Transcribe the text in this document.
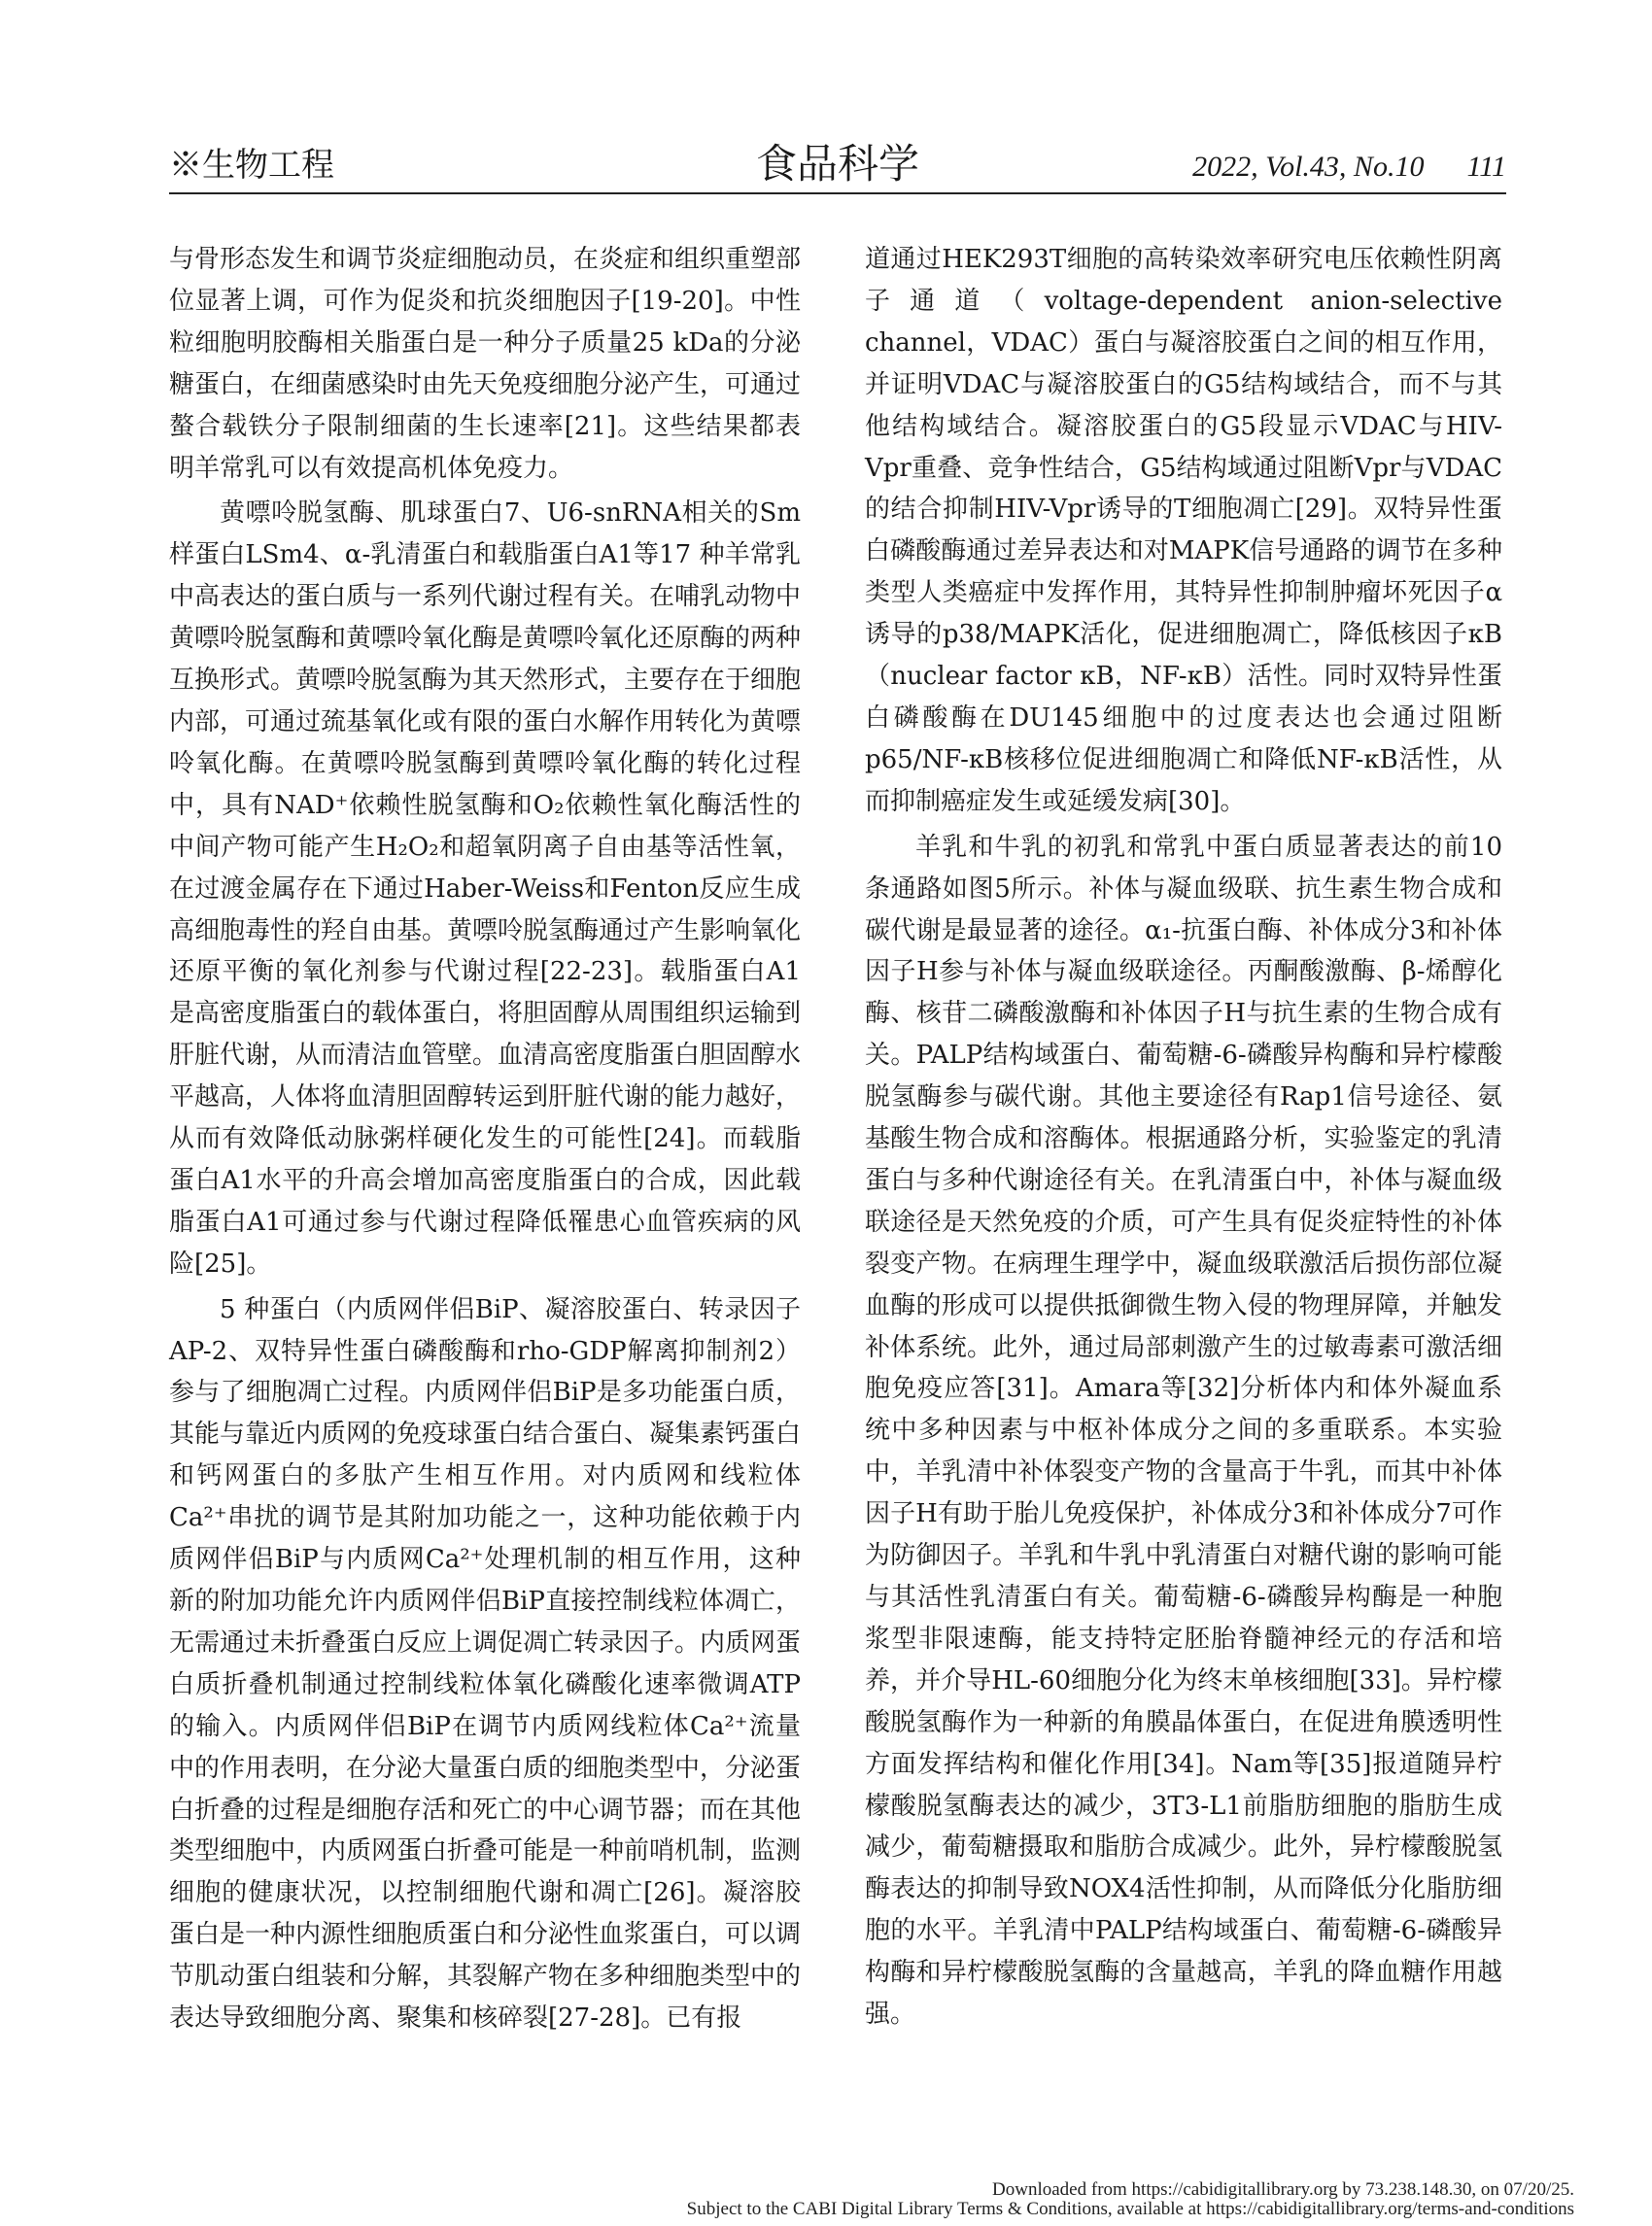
※生物工程	食品科学	2022, Vol.43, No.10 111

与骨形态发生和调节炎症细胞动员，在炎症和组织重塑部位显著上调，可作为促炎和抗炎细胞因子[19-20]。中性粒细胞明胶酶相关脂蛋白是一种分子质量25 kDa的分泌糖蛋白，在细菌感染时由先天免疫细胞分泌产生，可通过螯合载铁分子限制细菌的生长速率[21]。这些结果都表明羊常乳可以有效提高机体免疫力。

黄嘌呤脱氢酶、肌球蛋白7、U6-snRNA相关的Sm样蛋白LSm4、α-乳清蛋白和载脂蛋白A1等17 种羊常乳中高表达的蛋白质与一系列代谢过程有关。在哺乳动物中黄嘌呤脱氢酶和黄嘌呤氧化酶是黄嘌呤氧化还原酶的两种互换形式。黄嘌呤脱氢酶为其天然形式，主要存在于细胞内部，可通过巯基氧化或有限的蛋白水解作用转化为黄嘌呤氧化酶。在黄嘌呤脱氢酶到黄嘌呤氧化酶的转化过程中，具有NAD⁺依赖性脱氢酶和O₂依赖性氧化酶活性的中间产物可能产生H₂O₂和超氧阴离子自由基等活性氧，在过渡金属存在下通过Haber-Weiss和Fenton反应生成高细胞毒性的羟自由基。黄嘌呤脱氢酶通过产生影响氧化还原平衡的氧化剂参与代谢过程[22-23]。载脂蛋白A1是高密度脂蛋白的载体蛋白，将胆固醇从周围组织运输到肝脏代谢，从而清洁血管壁。血清高密度脂蛋白胆固醇水平越高，人体将血清胆固醇转运到肝脏代谢的能力越好，从而有效降低动脉粥样硬化发生的可能性[24]。而载脂蛋白A1水平的升高会增加高密度脂蛋白的合成，因此载脂蛋白A1可通过参与代谢过程降低罹患心血管疾病的风险[25]。

5 种蛋白（内质网伴侣BiP、凝溶胶蛋白、转录因子AP-2、双特异性蛋白磷酸酶和rho-GDP解离抑制剂2）参与了细胞凋亡过程。内质网伴侣BiP是多功能蛋白质，其能与靠近内质网的免疫球蛋白结合蛋白、凝集素钙蛋白和钙网蛋白的多肽产生相互作用。对内质网和线粒体Ca²⁺串扰的调节是其附加功能之一，这种功能依赖于内质网伴侣BiP与内质网Ca²⁺处理机制的相互作用，这种新的附加功能允许内质网伴侣BiP直接控制线粒体凋亡，无需通过未折叠蛋白反应上调促凋亡转录因子。内质网蛋白质折叠机制通过控制线粒体氧化磷酸化速率微调ATP的输入。内质网伴侣BiP在调节内质网线粒体Ca²⁺流量中的作用表明，在分泌大量蛋白质的细胞类型中，分泌蛋白折叠的过程是细胞存活和死亡的中心调节器；而在其他类型细胞中，内质网蛋白折叠可能是一种前哨机制，监测细胞的健康状况，以控制细胞代谢和凋亡[26]。凝溶胶蛋白是一种内源性细胞质蛋白和分泌性血浆蛋白，可以调节肌动蛋白组装和分解，其裂解产物在多种细胞类型中的表达导致细胞分离、聚集和核碎裂[27-28]。已有报

道通过HEK293T细胞的高转染效率研究电压依赖性阴离子通道（voltage-dependent anion-selective channel，VDAC）蛋白与凝溶胶蛋白之间的相互作用，并证明VDAC与凝溶胶蛋白的G5结构域结合，而不与其他结构域结合。凝溶胶蛋白的G5段显示VDAC与HIV-Vpr重叠、竞争性结合，G5结构域通过阻断Vpr与VDAC的结合抑制HIV-Vpr诱导的T细胞凋亡[29]。双特异性蛋白磷酸酶通过差异表达和对MAPK信号通路的调节在多种类型人类癌症中发挥作用，其特异性抑制肿瘤坏死因子α诱导的p38/MAPK活化，促进细胞凋亡，降低核因子κB（nuclear factor κB，NF-κB）活性。同时双特异性蛋白磷酸酶在DU145细胞中的过度表达也会通过阻断p65/NF-κB核移位促进细胞凋亡和降低NF-κB活性，从而抑制癌症发生或延缓发病[30]。

羊乳和牛乳的初乳和常乳中蛋白质显著表达的前10 条通路如图5所示。补体与凝血级联、抗生素生物合成和碳代谢是最显著的途径。α₁-抗蛋白酶、补体成分3和补体因子H参与补体与凝血级联途径。丙酮酸激酶、β-烯醇化酶、核苷二磷酸激酶和补体因子H与抗生素的生物合成有关。PALP结构域蛋白、葡萄糖-6-磷酸异构酶和异柠檬酸脱氢酶参与碳代谢。其他主要途径有Rap1信号途径、氨基酸生物合成和溶酶体。根据通路分析，实验鉴定的乳清蛋白与多种代谢途径有关。在乳清蛋白中，补体与凝血级联途径是天然免疫的介质，可产生具有促炎症特性的补体裂变产物。在病理生理学中，凝血级联激活后损伤部位凝血酶的形成可以提供抵御微生物入侵的物理屏障，并触发补体系统。此外，通过局部刺激产生的过敏毒素可激活细胞免疫应答[31]。Amara等[32]分析体内和体外凝血系统中多种因素与中枢补体成分之间的多重联系。本实验中，羊乳清中补体裂变产物的含量高于牛乳，而其中补体因子H有助于胎儿免疫保护，补体成分3和补体成分7可作为防御因子。羊乳和牛乳中乳清蛋白对糖代谢的影响可能与其活性乳清蛋白有关。葡萄糖-6-磷酸异构酶是一种胞浆型非限速酶，能支持特定胚胎脊髓神经元的存活和培养，并介导HL-60细胞分化为终末单核细胞[33]。异柠檬酸脱氢酶作为一种新的角膜晶体蛋白，在促进角膜透明性方面发挥结构和催化作用[34]。Nam等[35]报道随异柠檬酸脱氢酶表达的减少，3T3-L1前脂肪细胞的脂肪生成减少，葡萄糖摄取和脂肪合成减少。此外，异柠檬酸脱氢酶表达的抑制导致NOX4活性抑制，从而降低分化脂肪细胞的水平。羊乳清中PALP结构域蛋白、葡萄糖-6-磷酸异构酶和异柠檬酸脱氢酶的含量越高，羊乳的降血糖作用越强。

Downloaded from https://cabidigitallibrary.org by 73.238.148.30, on 07/20/25.
Subject to the CABI Digital Library Terms & Conditions, available at https://cabidigitallibrary.org/terms-and-conditions
